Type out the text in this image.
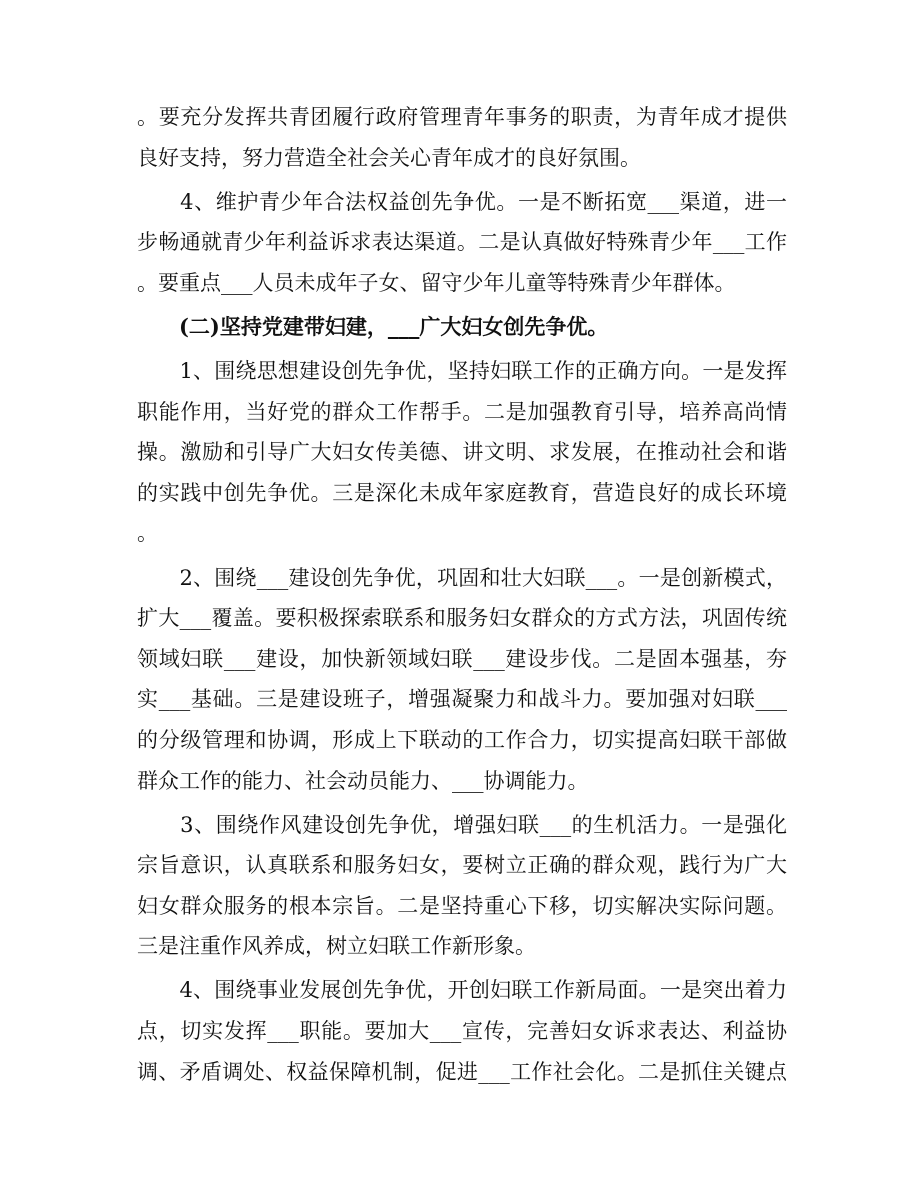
。要充分发挥共青团履行政府管理青年事务的职责，为青年成才提供
良好支持，努力营造全社会关心青年成才的良好氛围。
　　4、维护青少年合法权益创先争优。一是不断拓宽___渠道，进一
步畅通就青少年利益诉求表达渠道。二是认真做好特殊青少年___工作
。要重点___人员未成年子女、留守少年儿童等特殊青少年群体。
　　(二)坚持党建带妇建，___广大妇女创先争优。
　　1、围绕思想建设创先争优，坚持妇联工作的正确方向。一是发挥
职能作用，当好党的群众工作帮手。二是加强教育引导，培养高尚情
操。激励和引导广大妇女传美德、讲文明、求发展，在推动社会和谐
的实践中创先争优。三是深化未成年家庭教育，营造良好的成长环境
。
　　2、围绕___建设创先争优，巩固和壮大妇联___。一是创新模式，
扩大___覆盖。要积极探索联系和服务妇女群众的方式方法，巩固传统
领域妇联___建设，加快新领域妇联___建设步伐。二是固本强基，夯
实___基础。三是建设班子，增强凝聚力和战斗力。要加强对妇联___
的分级管理和协调，形成上下联动的工作合力，切实提高妇联干部做
群众工作的能力、社会动员能力、___协调能力。
　　3、围绕作风建设创先争优，增强妇联___的生机活力。一是强化
宗旨意识，认真联系和服务妇女，要树立正确的群众观，践行为广大
妇女群众服务的根本宗旨。二是坚持重心下移，切实解决实际问题。
三是注重作风养成，树立妇联工作新形象。
　　4、围绕事业发展创先争优，开创妇联工作新局面。一是突出着力
点，切实发挥___职能。要加大___宣传，完善妇女诉求表达、利益协
调、矛盾调处、权益保障机制，促进___工作社会化。二是抓住关键点
